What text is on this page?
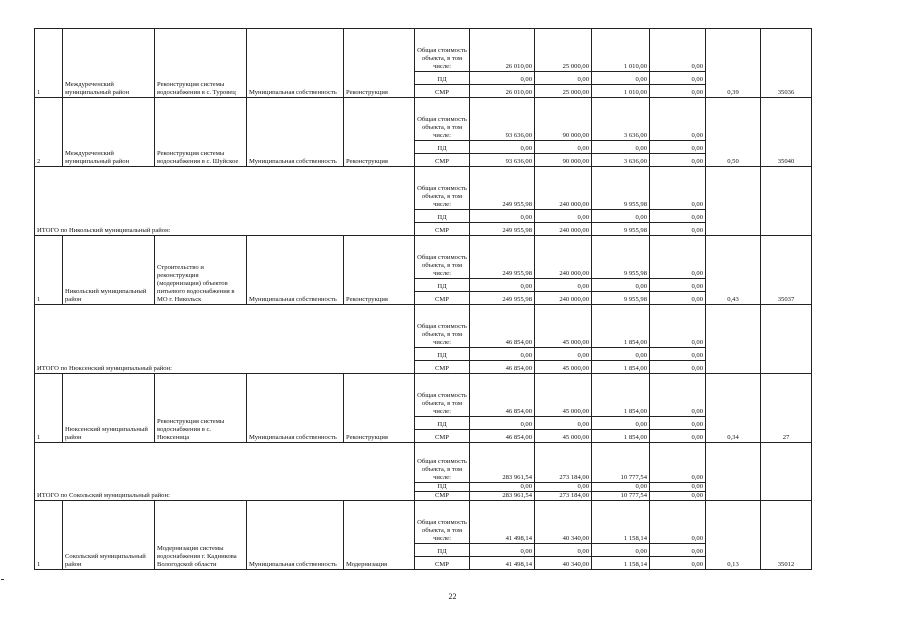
1	Междуреченский муниципальный район	Реконструкция системы водоснабжения в с. Туровец	Муниципальная собственность	Реконструкция	Общая стоимость объекта, в том числе:	26 010,00	25 000,00	1 010,00	0,00	0,39	35036
					ПД	0,00	0,00	0,00	0,00		
					СМР	26 010,00	25 000,00	1 010,00	0,00		
2	Междуреченский муниципальный район	Реконструкция системы водоснабжения в с. Шуйское	Муниципальная собственность	Реконструкция	Общая стоимость объекта, в том числе:	93 636,00	90 000,00	3 636,00	0,00	0,50	35040
					ПД	0,00	0,00	0,00	0,00		
					СМР	93 636,00	90 000,00	3 636,00	0,00		
ИТОГО по Никольский муниципальный район:					Общая стоимость объекта, в том числе:	249 955,98	240 000,00	9 955,98	0,00		
					ПД	0,00	0,00	0,00	0,00		
					СМР	249 955,98	240 000,00	9 955,98	0,00		
1	Никольский муниципальный район	Строительство и реконструкция (модернизация) объектов питьевого водоснабжения в МО г. Никольск	Муниципальная собственность	Реконструкция	Общая стоимость объекта, в том числе:	249 955,98	240 000,00	9 955,98	0,00	0,43	35037
					ПД	0,00	0,00	0,00	0,00		
					СМР	249 955,98	240 000,00	9 955,98	0,00		
ИТОГО по Нюксенский муниципальный район:					Общая стоимость объекта, в том числе:	46 854,00	45 000,00	1 854,00	0,00		
					ПД	0,00	0,00	0,00	0,00		
					СМР	46 854,00	45 000,00	1 854,00	0,00		
1	Нюксенский муниципальный район	Реконструкция системы водоснабжения в с. Нюксеница	Муниципальная собственность	Реконструкция	Общая стоимость объекта, в том числе:	46 854,00	45 000,00	1 854,00	0,00	0,34	27
					ПД	0,00	0,00	0,00	0,00		
					СМР	46 854,00	45 000,00	1 854,00	0,00		
ИТОГО по Сокольский муниципальный район:					Общая стоимость объекта, в том числе:	283 961,54	273 184,00	10 777,54	0,00		
					ПД	0,00	0,00	0,00	0,00		
					СМР	283 961,54	273 184,00	10 777,54	0,00		
1	Сокольский муниципальный район	Модернизация системы водоснабжения г. Кадникова Вологодской области	Муниципальная собственность	Модернизация	Общая стоимость объекта, в том числе:	41 498,14	40 340,00	1 158,14	0,00	0,13	35012
					ПД	0,00	0,00	0,00	0,00		
					СМР	41 498,14	40 340,00	1 158,14	0,00		
22
